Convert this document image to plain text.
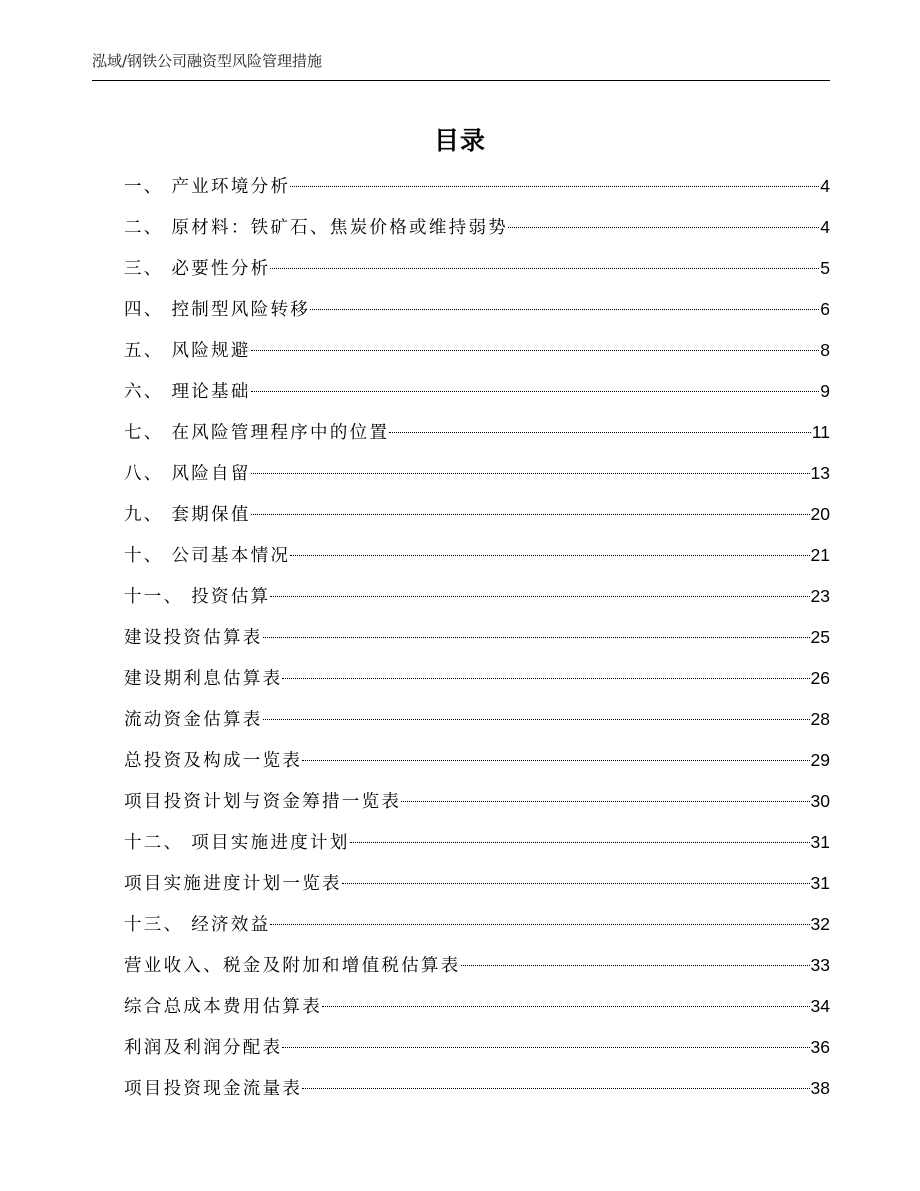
泓域/钢铁公司融资型风险管理措施
目录
一、 产业环境分析	4
二、 原材料：铁矿石、焦炭价格或维持弱势	4
三、 必要性分析	5
四、 控制型风险转移	6
五、 风险规避	8
六、 理论基础	9
七、 在风险管理程序中的位置	11
八、 风险自留	13
九、 套期保值	20
十、 公司基本情况	21
十一、 投资估算	23
建设投资估算表	25
建设期利息估算表	26
流动资金估算表	28
总投资及构成一览表	29
项目投资计划与资金筹措一览表	30
十二、 项目实施进度计划	31
项目实施进度计划一览表	31
十三、 经济效益	32
营业收入、税金及附加和增值税估算表	33
综合总成本费用估算表	34
利润及利润分配表	36
项目投资现金流量表	38
